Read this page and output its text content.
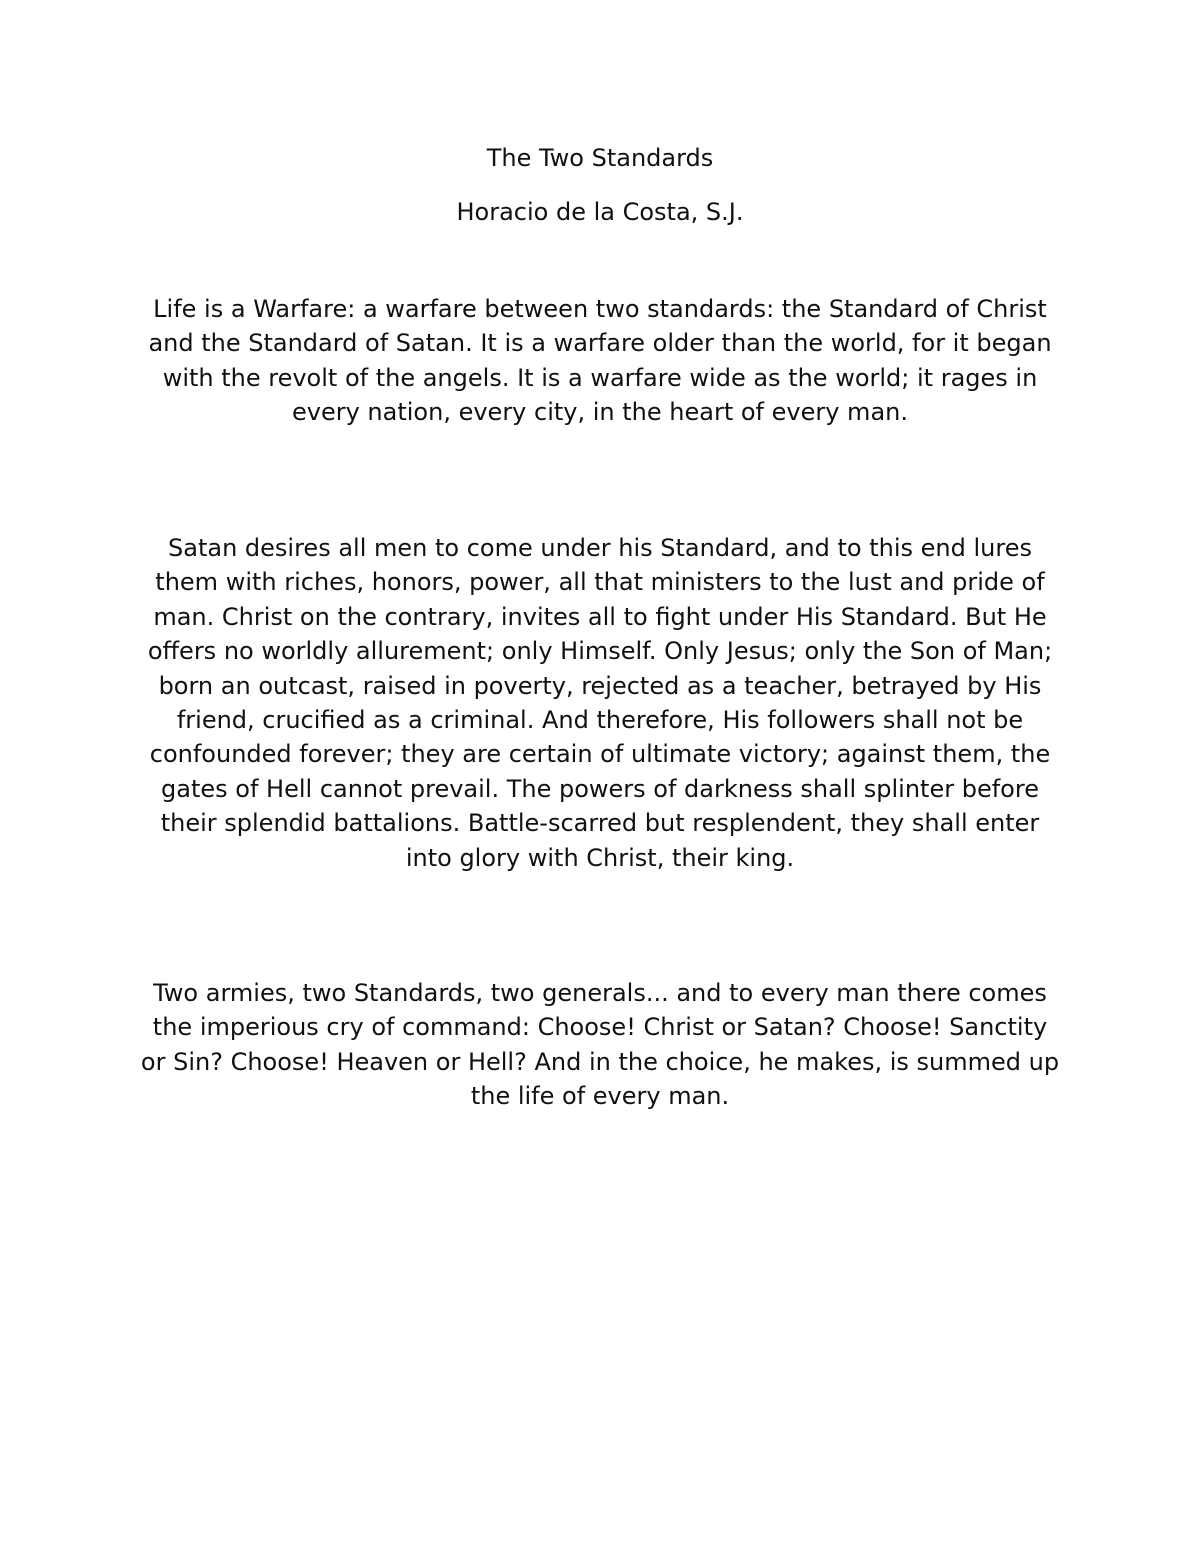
The Two Standards

Horacio de la Costa, S.J.

Life is a Warfare: a warfare between two standards: the Standard of Christ and the Standard of Satan. It is a warfare older than the world, for it began with the revolt of the angels. It is a warfare wide as the world; it rages in every nation, every city, in the heart of every man.

Satan desires all men to come under his Standard, and to this end lures them with riches, honors, power, all that ministers to the lust and pride of man. Christ on the contrary, invites all to fight under His Standard. But He offers no worldly allurement; only Himself. Only Jesus; only the Son of Man; born an outcast, raised in poverty, rejected as a teacher, betrayed by His friend, crucified as a criminal. And therefore, His followers shall not be confounded forever; they are certain of ultimate victory; against them, the gates of Hell cannot prevail. The powers of darkness shall splinter before their splendid battalions. Battle-scarred but resplendent, they shall enter into glory with Christ, their king.

Two armies, two Standards, two generals... and to every man there comes the imperious cry of command: Choose! Christ or Satan? Choose! Sanctity or Sin? Choose! Heaven or Hell? And in the choice, he makes, is summed up the life of every man.
